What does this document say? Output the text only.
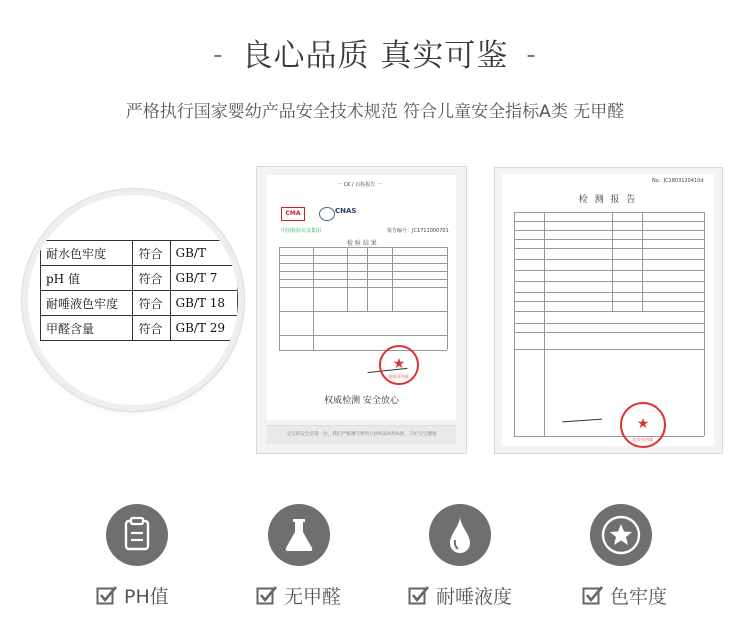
- 良心品质 真实可鉴 -
严格执行国家婴幼产品安全技术规范 符合儿童安全指标A类 无甲醛
耐水色牢度	符合	GB/T
pH 值	符合	GB/T 7
耐唾液色牢度	符合	GB/T 18
甲醛含量	符合	GB/T 29
一 CK / 百检报告 一
CMA	CNAS
中国检验认证集团	报告编号：JC1711000701
检 验 结 果
★
检验专用章
权威检测 安全放心
宝宝的安全是第一位，我们严格遵守婴幼儿纺织品A类标准，守护宝宝健康
No.: JC1803120410d
检 测 报 告
★
检验专用章
PH值	无甲醛	耐唾液度	色牢度
